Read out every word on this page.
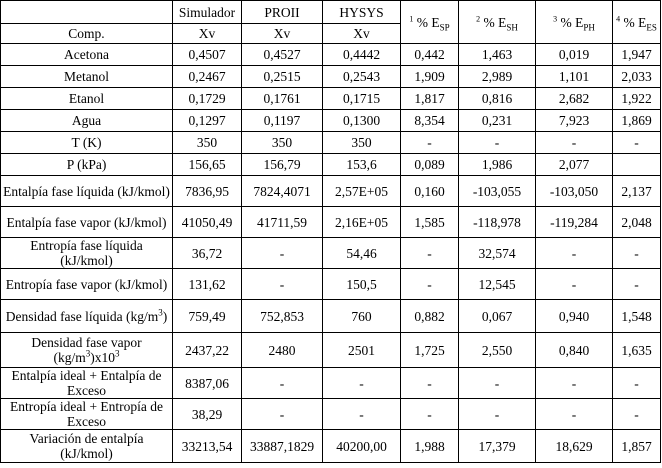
	Simulador	PROII	HYSYS	$^1$ % $E_{SP}$	$^2$ % $E_{SH}$	$^3$ % $E_{PH}$	$^4$ % $E_{ES}$
Comp.	Xv	Xv	Xv				
Acetona	0,4507	0,4527	0,4442	0,442	1,463	0,019	1,947
Metanol	0,2467	0,2515	0,2543	1,909	2,989	1,101	2,033
Etanol	0,1729	0,1761	0,1715	1,817	0,816	2,682	1,922
Agua	0,1297	0,1197	0,1300	8,354	0,231	7,923	1,869
T (K)	350	350	350	-	-	-	-
P (kPa)	156,65	156,79	153,6	0,089	1,986	2,077	
Entalpía fase líquida (kJ/kmol)	7836,95	7824,4071	2,57E+05	0,160	-103,055	-103,050	2,137
Entalpía fase vapor (kJ/kmol)	41050,49	41711,59	2,16E+05	1,585	-118,978	-119,284	2,048
Entropía fase líquida (kJ/kmol)	36,72	-	54,46	-	32,574	-	-
Entropía fase vapor (kJ/kmol)	131,62	-	150,5	-	12,545	-	-
Densidad fase líquida $(kg/m^3)$	759,49	752,853	760	0,882	0,067	0,940	1,548
Densidad fase vapor $(kg/m^3)x10^3$	2437,22	2480	2501	1,725	2,550	0,840	1,635
Entalpía ideal + Entalpía de Exceso	8387,06	-	-	-	-	-	-
Entropía ideal + Entropía de Exceso	38,29	-	-	-	-	-	-
Variación de entalpía (kJ/kmol)	33213,54	33887,1829	40200,00	1,988	17,379	18,629	1,857
